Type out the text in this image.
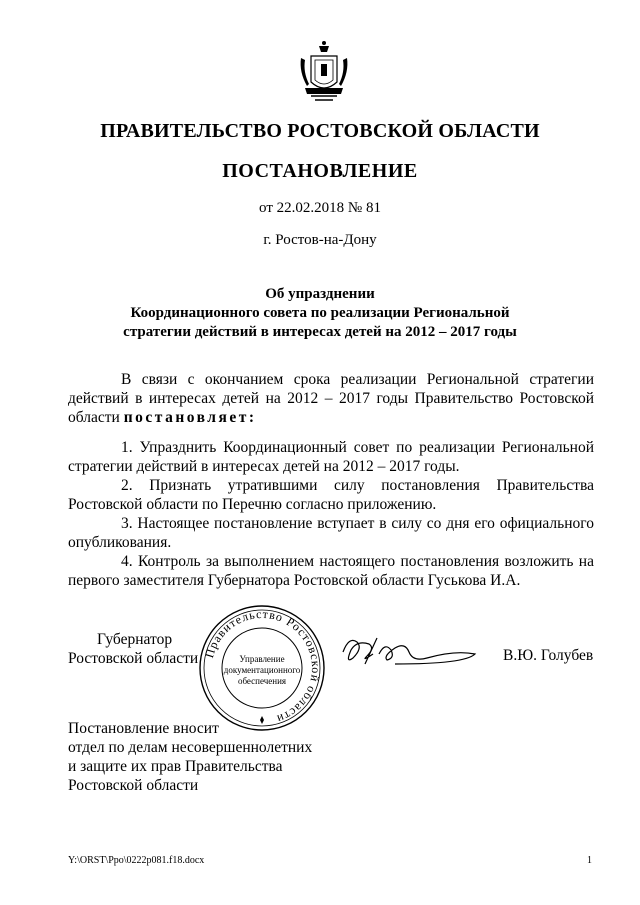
ПРАВИТЕЛЬСТВО РОСТОВСКОЙ ОБЛАСТИ
ПОСТАНОВЛЕНИЕ
от 22.02.2018 № 81
г. Ростов-на-Дону
Об упразднении
Координационного совета по реализации Региональной
стратегии действий в интересах детей на 2012 – 2017 годы
В связи с окончанием срока реализации Региональной стратегии действий в интересах детей на 2012 – 2017 годы Правительство Ростовской области постановляет:
1. Упразднить Координационный совет по реализации Региональной стратегии действий в интересах детей на 2012 – 2017 годы.
2. Признать утратившими силу постановления Правительства Ростовской области по Перечню согласно приложению.
3. Настоящее постановление вступает в силу со дня его официального опубликования.
4. Контроль за выполнением настоящего постановления возложить на первого заместителя Губернатора Ростовской области Гуськова И.А.
Губернатор
Ростовской области Правительство Ростовской области
Управление
документационного
обеспечения
В.Ю. Голубев
Постановление вносит
отдел по делам несовершеннолетних
и защите их прав Правительства
Ростовской области
Y:\ORST\Ppo\0222p081.f18.docx	1
